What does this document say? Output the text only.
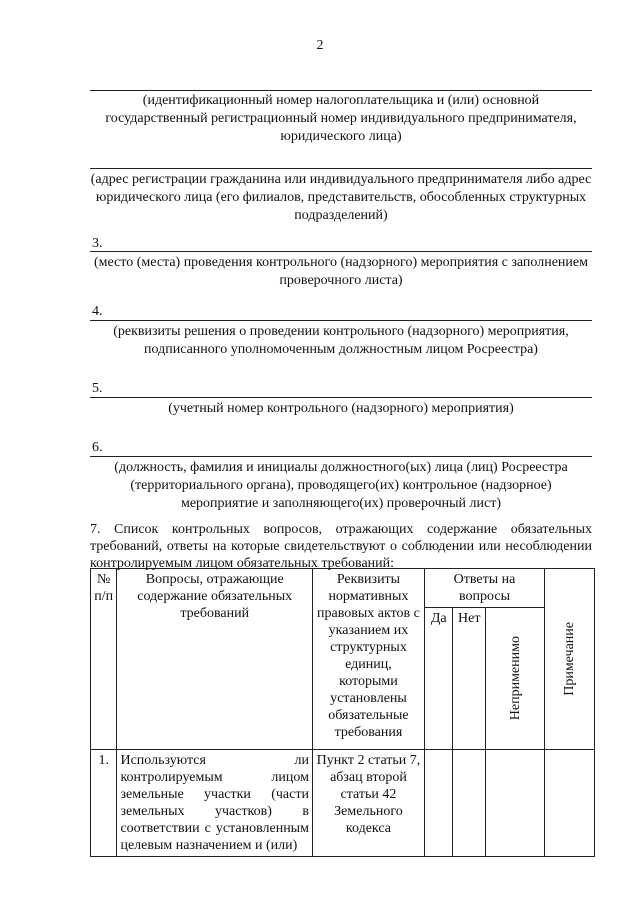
2
(идентификационный номер налогоплательщика и (или) основной государственный регистрационный номер индивидуального предпринимателя, юридического лица)
(адрес регистрации гражданина или индивидуального предпринимателя либо адрес юридического лица (его филиалов, представительств, обособленных структурных подразделений)
3.
(место (места) проведения контрольного (надзорного) мероприятия с заполнением проверочного листа)
4.
(реквизиты решения о проведении контрольного (надзорного) мероприятия, подписанного уполномоченным должностным лицом Росреестра)
5.
(учетный номер контрольного (надзорного) мероприятия)
6.
(должность, фамилия и инициалы должностного(ых) лица (лиц) Росреестра (территориального органа), проводящего(их) контрольное (надзорное) мероприятие и заполняющего(их) проверочный лист)
7. Список контрольных вопросов, отражающих содержание обязательных требований, ответы на которые свидетельствуют о соблюдении или несоблюдении контролируемым лицом обязательных требований:
№ п/п	Вопросы, отражающие содержание обязательных требований	Реквизиты нормативных правовых актов с указанием их структурных единиц, которыми установлены обязательные требования	Ответы на вопросы			Примечание

			Да	Нет	Неприменимо	

1.	Используются ли контролируемым лицом земельные участки (части земельных участков) в соответствии с установленным целевым назначением и (или)	Пункт 2 статьи 7, абзац второй статьи 42 Земельного кодекса				
